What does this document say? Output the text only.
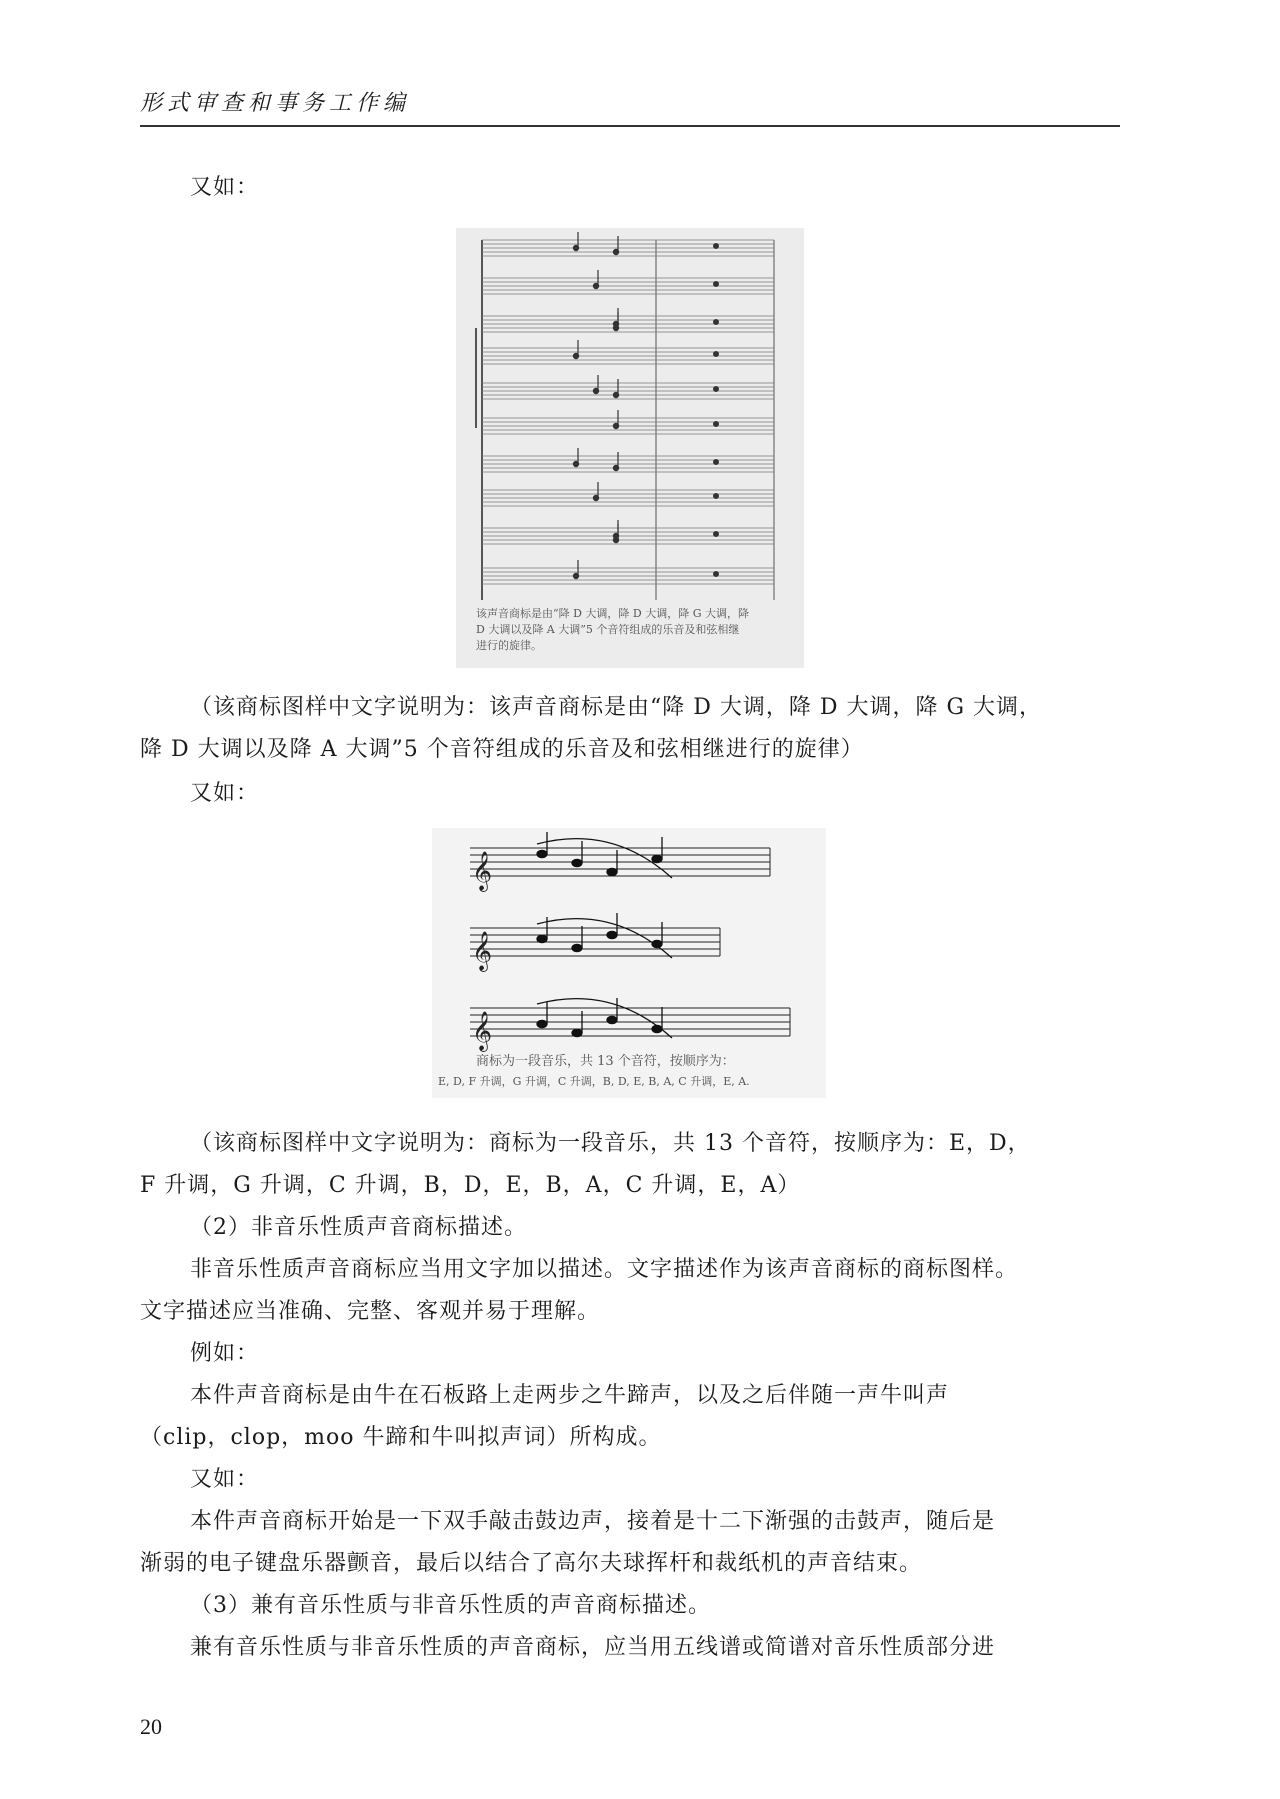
形式审查和事务工作编
又如：
该声音商标是由“降 D 大调，降 D 大调，降 G 大调，降
D 大调以及降 A 大调”5 个音符组成的乐音及和弦相继
进行的旋律。
（该商标图样中文字说明为：该声音商标是由“降 D 大调，降 D 大调，降 G 大调，
降 D 大调以及降 A 大调”5 个音符组成的乐音及和弦相继进行的旋律）
又如：
𝄞
𝄞
𝄞
商标为一段音乐，共 13 个音符，按顺序为：
E, D, F 升调，G 升调，C 升调，B, D, E, B, A, C 升调，E, A.
（该商标图样中文字说明为：商标为一段音乐，共 13 个音符，按顺序为：E，D，
F 升调，G 升调，C 升调，B，D，E，B，A，C 升调，E，A）
（2）非音乐性质声音商标描述。
非音乐性质声音商标应当用文字加以描述。文字描述作为该声音商标的商标图样。
文字描述应当准确、完整、客观并易于理解。
例如：
本件声音商标是由牛在石板路上走两步之牛蹄声，以及之后伴随一声牛叫声
（clip，clop，moo 牛蹄和牛叫拟声词）所构成。
又如：
本件声音商标开始是一下双手敲击鼓边声，接着是十二下渐强的击鼓声，随后是
渐弱的电子键盘乐器颤音，最后以结合了高尔夫球挥杆和裁纸机的声音结束。
（3）兼有音乐性质与非音乐性质的声音商标描述。
兼有音乐性质与非音乐性质的声音商标，应当用五线谱或简谱对音乐性质部分进
20
